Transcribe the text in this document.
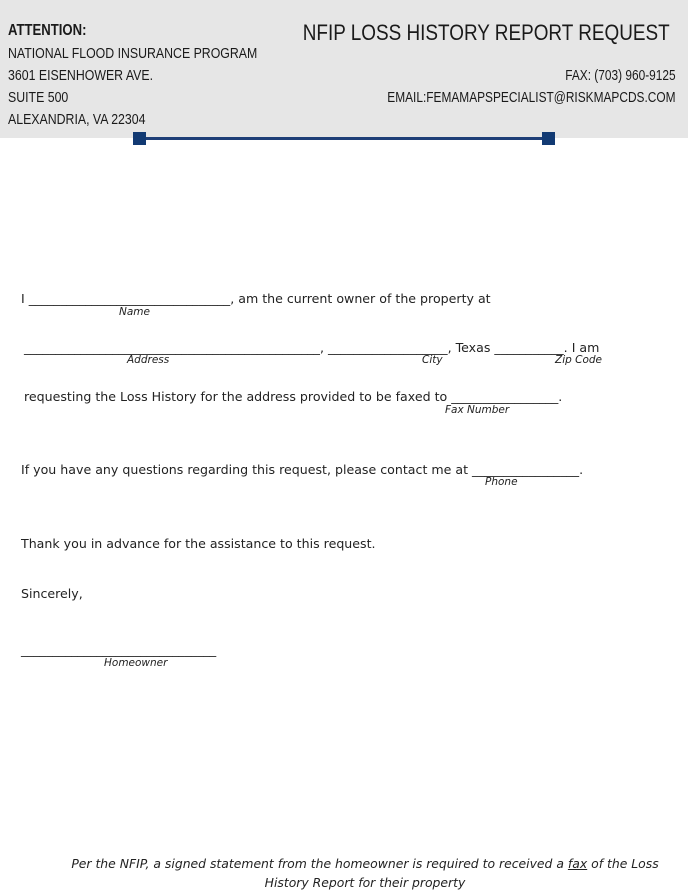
ATTENTION:
NATIONAL FLOOD INSURANCE PROGRAM
3601 EISENHOWER AVE.
SUITE 500
ALEXANDRIA, VA 22304
NFIP LOSS HISTORY REPORT REQUEST
FAX: (703) 960-9125
EMAIL:FEMAMAPSPECIALIST@RISKMAPCDS.COM
I ________________________________, am the current owner of the property at
Name
_______________________________________________, ___________________, Texas ___________. I am
Address	City	Zip Code
requesting the Loss History for the address provided to be faxed to _________________.
Fax Number
If you have any questions regarding this request, please contact me at _________________.
Phone
Thank you in advance for the assistance to this request.
Sincerely,
_______________________________
Homeowner
Per the NFIP, a signed statement from the homeowner is required to received a fax of the Loss History Report for their property
